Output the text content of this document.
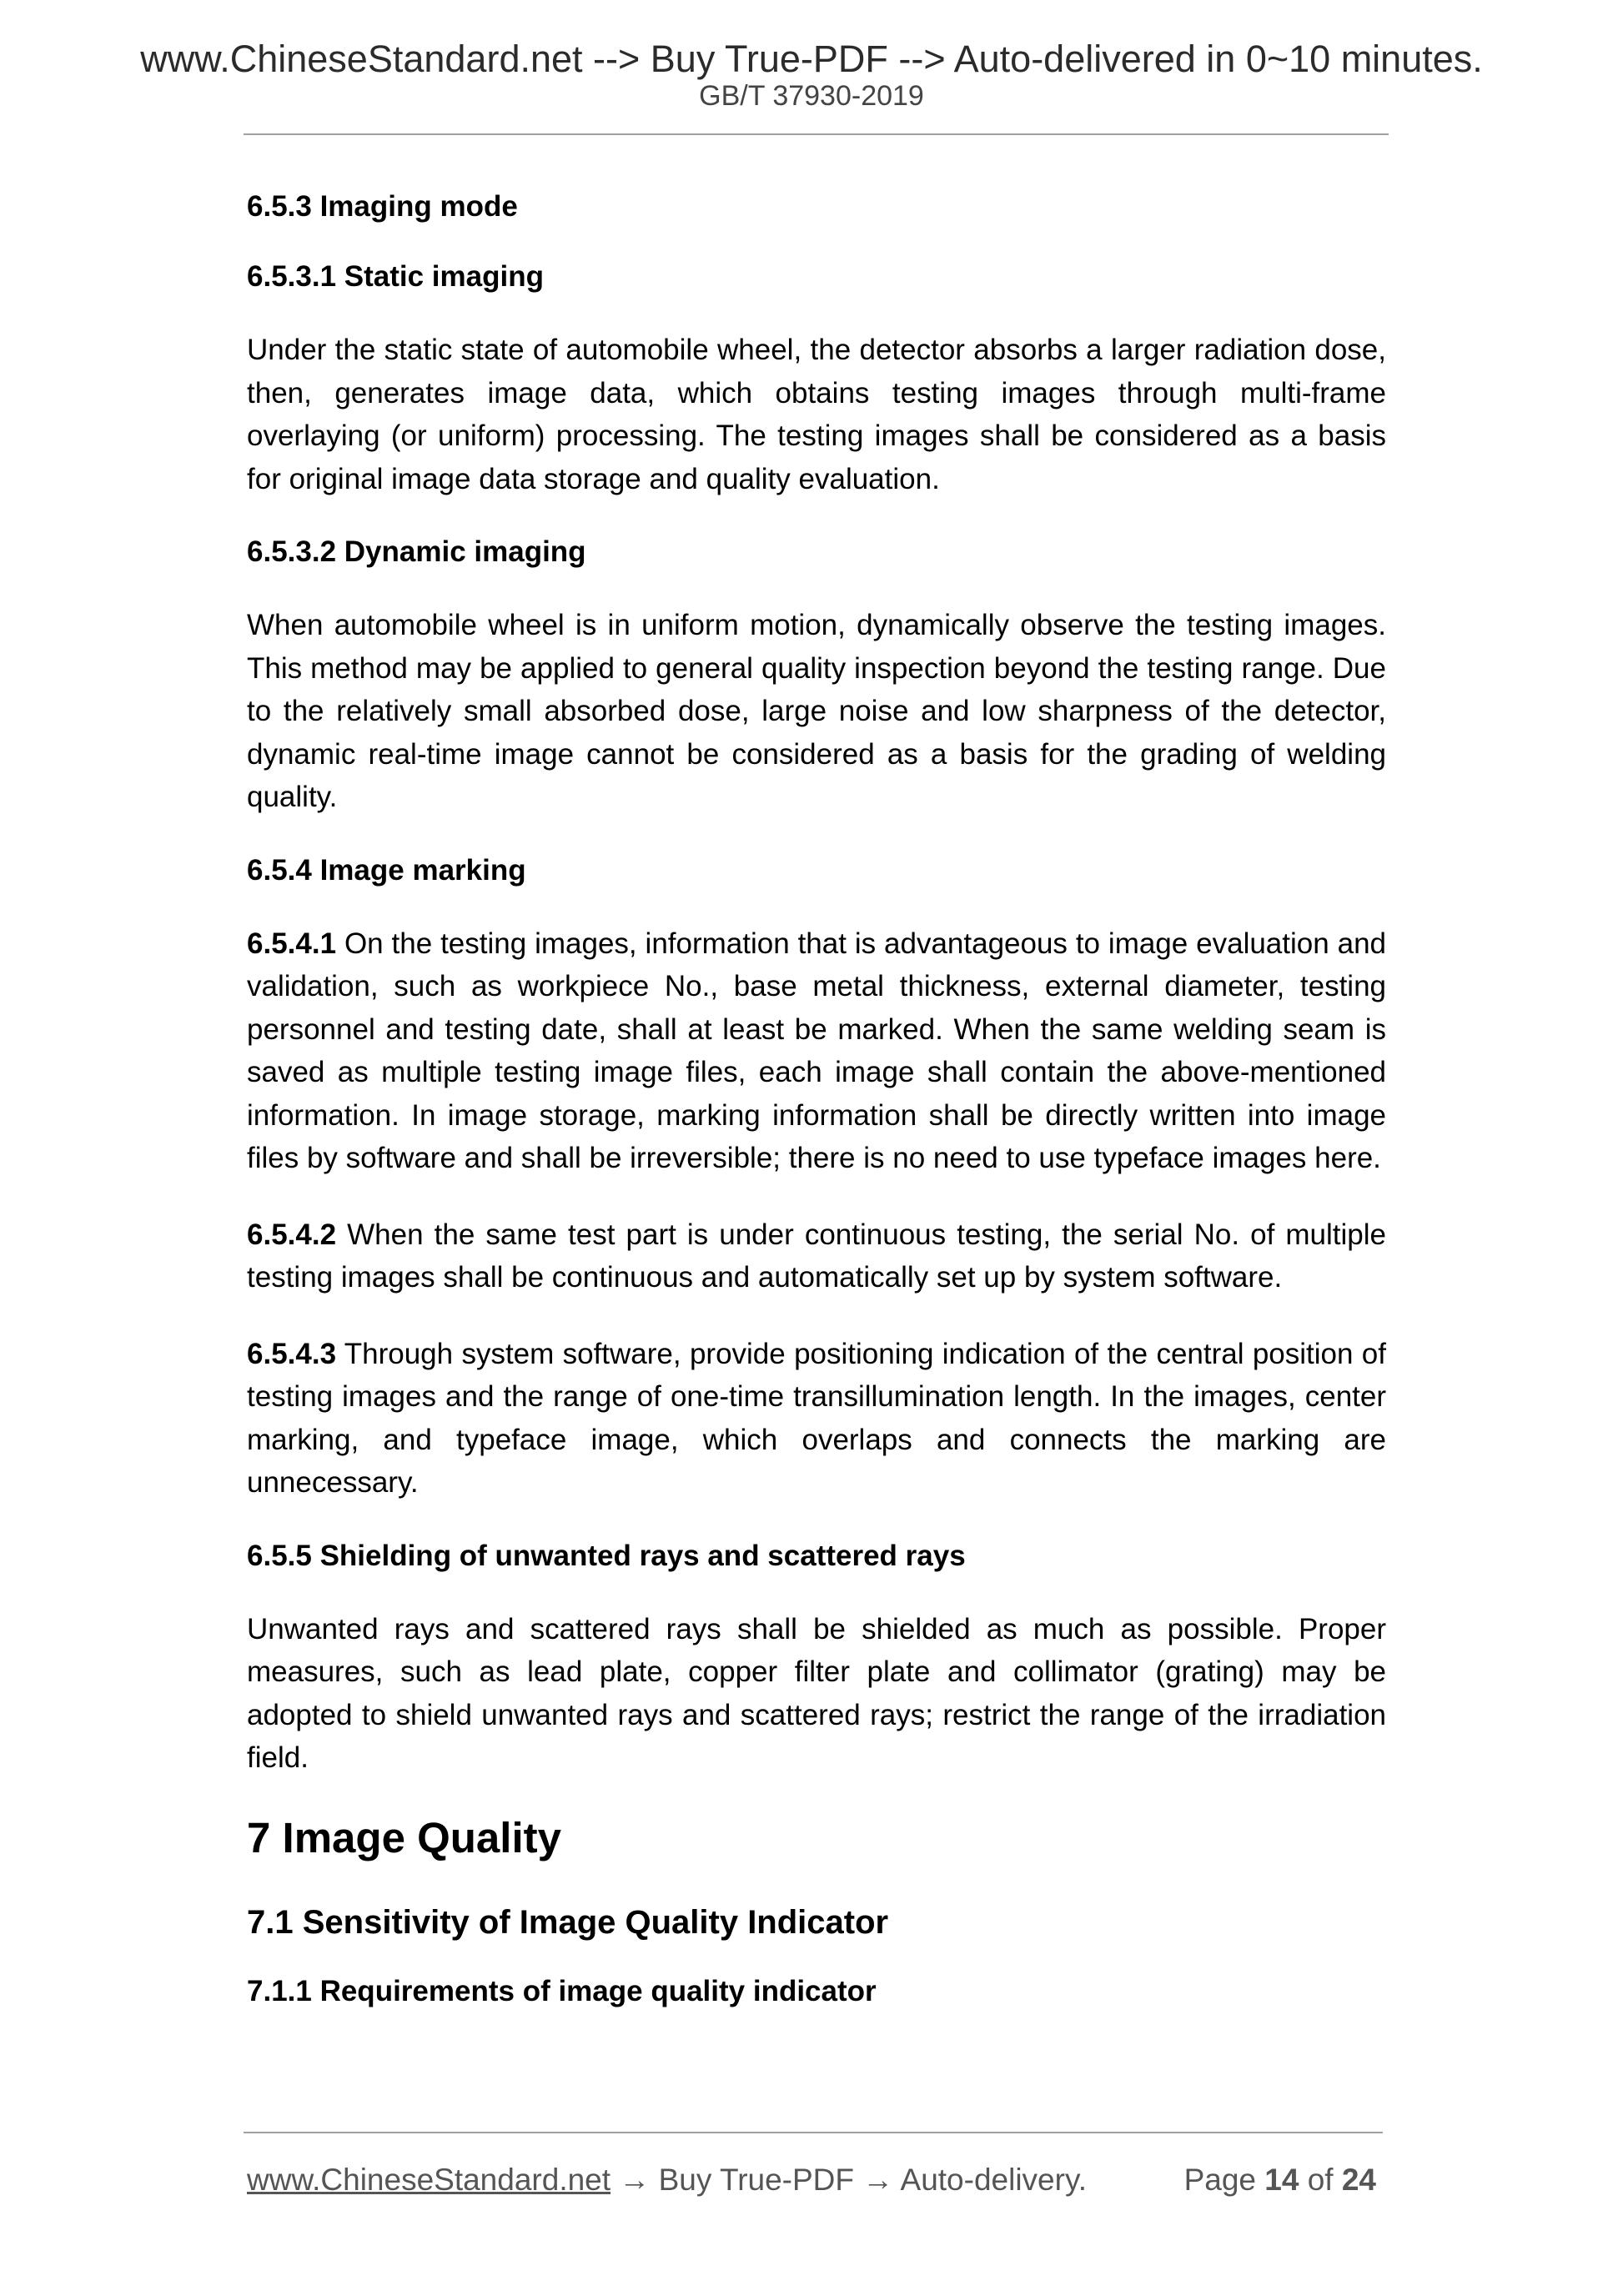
www.ChineseStandard.net --> Buy True-PDF --> Auto-delivered in 0~10 minutes.
GB/T 37930-2019
6.5.3 Imaging mode
6.5.3.1 Static imaging

Under the static state of automobile wheel, the detector absorbs a larger radiation dose, then, generates image data, which obtains testing images through multi-frame overlaying (or uniform) processing. The testing images shall be considered as a basis for original image data storage and quality evaluation.

6.5.3.2 Dynamic imaging

When automobile wheel is in uniform motion, dynamically observe the testing images. This method may be applied to general quality inspection beyond the testing range. Due to the relatively small absorbed dose, large noise and low sharpness of the detector, dynamic real-time image cannot be considered as a basis for the grading of welding quality.

6.5.4 Image marking

6.5.4.1 On the testing images, information that is advantageous to image evaluation and validation, such as workpiece No., base metal thickness, external diameter, testing personnel and testing date, shall at least be marked. When the same welding seam is saved as multiple testing image files, each image shall contain the above-mentioned information. In image storage, marking information shall be directly written into image files by software and shall be irreversible; there is no need to use typeface images here.

6.5.4.2 When the same test part is under continuous testing, the serial No. of multiple testing images shall be continuous and automatically set up by system software.

6.5.4.3 Through system software, provide positioning indication of the central position of testing images and the range of one-time transillumination length. In the images, center marking, and typeface image, which overlaps and connects the marking are unnecessary.

6.5.5 Shielding of unwanted rays and scattered rays

Unwanted rays and scattered rays shall be shielded as much as possible. Proper measures, such as lead plate, copper filter plate and collimator (grating) may be adopted to shield unwanted rays and scattered rays; restrict the range of the irradiation field.

7 Image Quality
7.1 Sensitivity of Image Quality Indicator
7.1.1 Requirements of image quality indicator
www.ChineseStandard.net → Buy True-PDF → Auto-delivery.	Page 14 of 24
